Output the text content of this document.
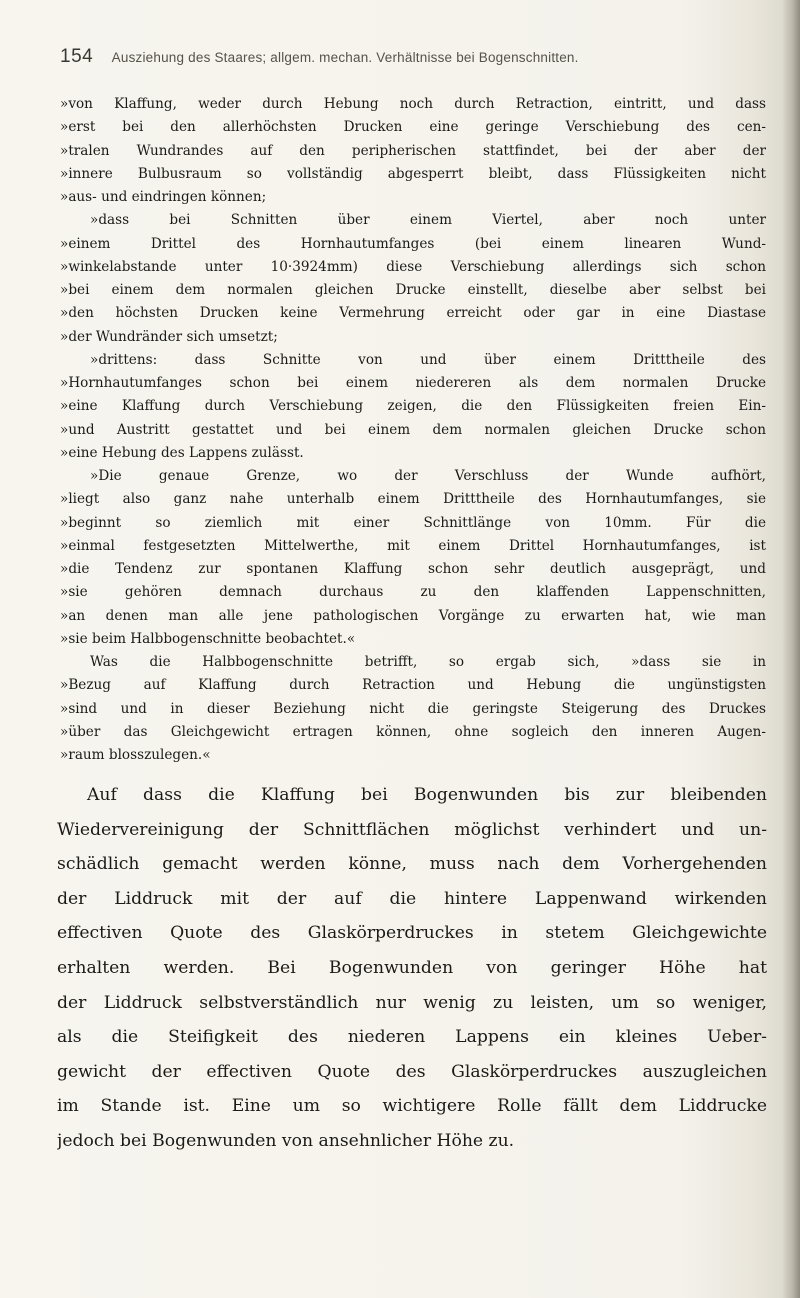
154 Ausziehung des Staares; allgem. mechan. Verhältnisse bei Bogenschnitten.
»von Klaffung, weder durch Hebung noch durch Retraction, eintritt, und dass
»erst bei den allerhöchsten Drucken eine geringe Verschiebung des cen-
»tralen Wundrandes auf den peripherischen stattfindet, bei der aber der
»innere Bulbusraum so vollständig abgesperrt bleibt, dass Flüssigkeiten nicht
»aus- und eindringen können;
»dass bei Schnitten über einem Viertel, aber noch unter
»einem Drittel des Hornhautumfanges (bei einem linearen Wund-
»winkelabstande unter 10·3924mm) diese Verschiebung allerdings sich schon
»bei einem dem normalen gleichen Drucke einstellt, dieselbe aber selbst bei
»den höchsten Drucken keine Vermehrung erreicht oder gar in eine Diastase
»der Wundränder sich umsetzt;
»drittens: dass Schnitte von und über einem Dritttheile des
»Hornhautumfanges schon bei einem niedereren als dem normalen Drucke
»eine Klaffung durch Verschiebung zeigen, die den Flüssigkeiten freien Ein-
»und Austritt gestattet und bei einem dem normalen gleichen Drucke schon
»eine Hebung des Lappens zulässt.
»Die genaue Grenze, wo der Verschluss der Wunde aufhört,
»liegt also ganz nahe unterhalb einem Dritttheile des Hornhautumfanges, sie
»beginnt so ziemlich mit einer Schnittlänge von 10mm. Für die
»einmal festgesetzten Mittelwerthe, mit einem Drittel Hornhautumfanges, ist
»die Tendenz zur spontanen Klaffung schon sehr deutlich ausgeprägt, und
»sie gehören demnach durchaus zu den klaffenden Lappenschnitten,
»an denen man alle jene pathologischen Vorgänge zu erwarten hat, wie man
»sie beim Halbbogenschnitte beobachtet.«
Was die Halbbogenschnitte betrifft, so ergab sich, »dass sie in
»Bezug auf Klaffung durch Retraction und Hebung die ungünstigsten
»sind und in dieser Beziehung nicht die geringste Steigerung des Druckes
»über das Gleichgewicht ertragen können, ohne sogleich den inneren Augen-
»raum blosszulegen.«
Auf dass die Klaffung bei Bogenwunden bis zur bleibenden
Wiedervereinigung der Schnittflächen möglichst verhindert und un-
schädlich gemacht werden könne, muss nach dem Vorhergehenden
der Liddruck mit der auf die hintere Lappenwand wirkenden
effectiven Quote des Glaskörperdruckes in stetem Gleichgewichte
erhalten werden. Bei Bogenwunden von geringer Höhe hat
der Liddruck selbstverständlich nur wenig zu leisten, um so weniger,
als die Steifigkeit des niederen Lappens ein kleines Ueber-
gewicht der effectiven Quote des Glaskörperdruckes auszugleichen
im Stande ist. Eine um so wichtigere Rolle fällt dem Liddrucke
jedoch bei Bogenwunden von ansehnlicher Höhe zu.
